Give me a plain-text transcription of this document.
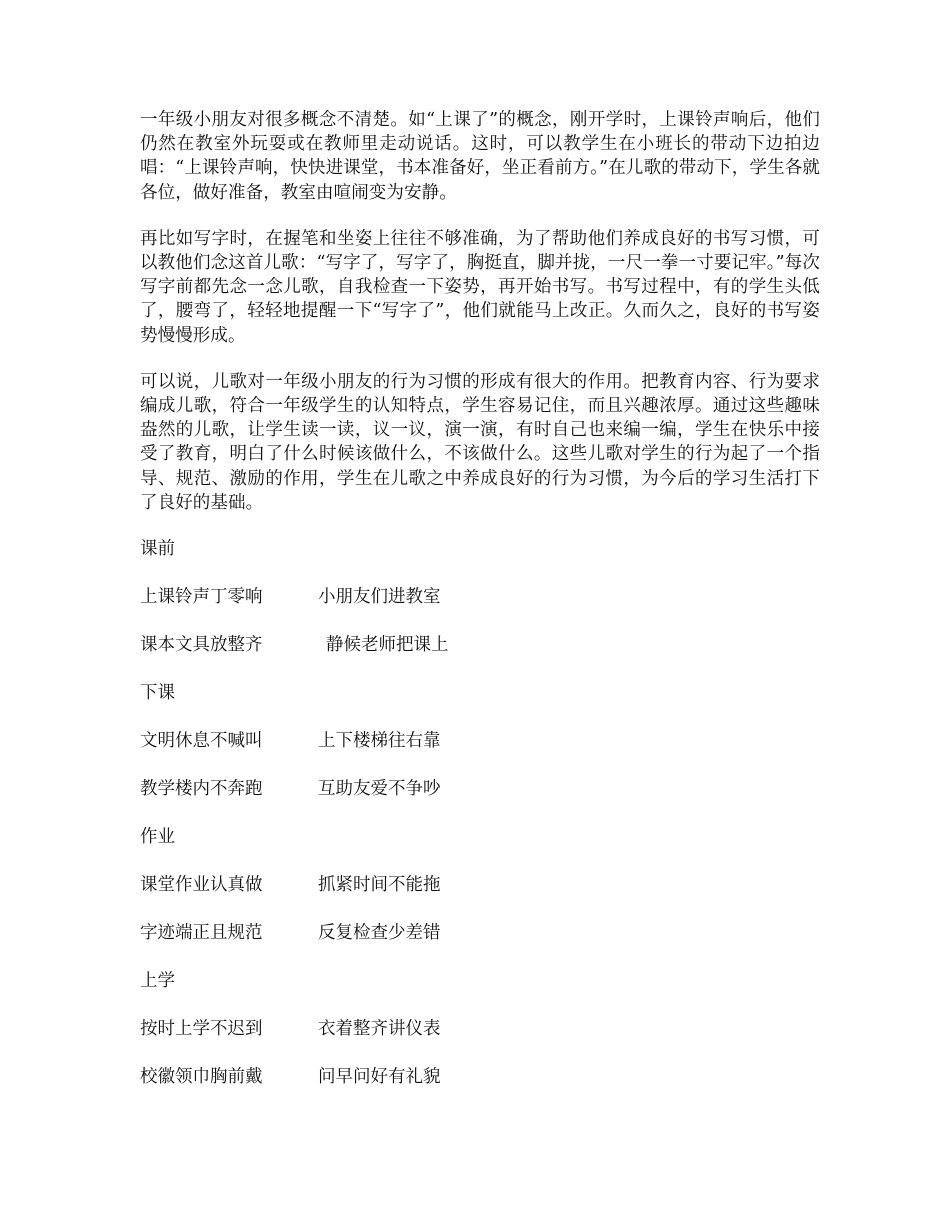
一年级小朋友对很多概念不清楚。如“上课了”的概念，刚开学时，上课铃声响后，他们仍然在教室外玩耍或在教师里走动说话。这时，可以教学生在小班长的带动下边拍边唱：“上课铃声响，快快进课堂，书本准备好，坐正看前方。”在儿歌的带动下，学生各就各位，做好准备，教室由喧闹变为安静。

再比如写字时，在握笔和坐姿上往往不够准确，为了帮助他们养成良好的书写习惯，可以教他们念这首儿歌：“写字了，写字了，胸挺直，脚并拢，一尺一拳一寸要记牢。”每次写字前都先念一念儿歌，自我检查一下姿势，再开始书写。书写过程中，有的学生头低了，腰弯了，轻轻地提醒一下“写字了”，他们就能马上改正。久而久之，良好的书写姿势慢慢形成。

可以说，儿歌对一年级小朋友的行为习惯的形成有很大的作用。把教育内容、行为要求编成儿歌，符合一年级学生的认知特点，学生容易记住，而且兴趣浓厚。通过这些趣味盎然的儿歌，让学生读一读，议一议，演一演，有时自己也来编一编，学生在快乐中接受了教育，明白了什么时候该做什么，不该做什么。这些儿歌对学生的行为起了一个指导、规范、激励的作用，学生在儿歌之中养成良好的行为习惯，为今后的学习生活打下了良好的基础。

课前
上课铃声丁零响	小朋友们进教室
课本文具放整齐	静候老师把课上
下课
文明休息不喊叫	上下楼梯往右靠
教学楼内不奔跑	互助友爱不争吵
作业
课堂作业认真做	抓紧时间不能拖
字迹端正且规范	反复检查少差错
上学
按时上学不迟到	衣着整齐讲仪表
校徽领巾胸前戴	问早问好有礼貌
